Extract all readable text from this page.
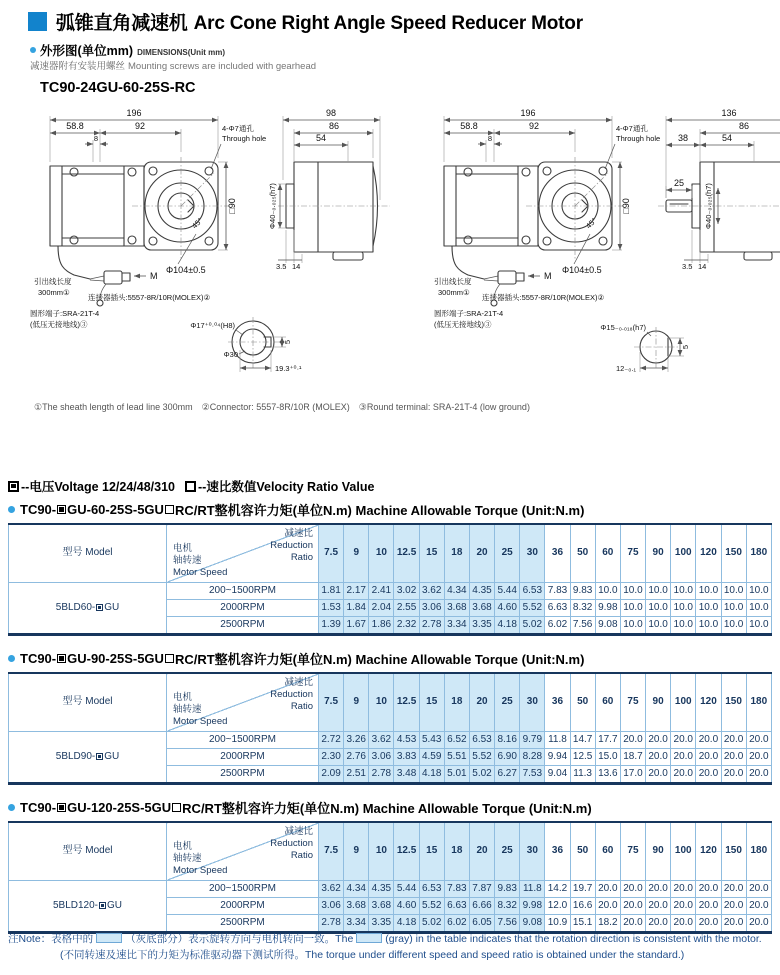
弧锥直角减速机 Arc Cone Right Angle Speed Reducer Motor
外形图(单位mm) DIMENSIONS(Unit mm)
减速器附有安装用螺丝 Mounting screws are included with gearhead
TC90-24GU-60-25S-RC
196
58.8	92
8
□90
4-Φ7通孔
Through hole
Φ104±0.5
45°
M
引出线长度
300mm①
连接器插头:5557-8R/10R(MOLEX)②
圆形端子:SRA-21T-4
(低压无接地线)③
98
86
54
Φ40₋₀.₀₂₅(h7)
3.5 14
Φ17⁺⁰·⁰⁴(H8)
Φ30
19.3⁺⁰·¹
5
196
58.8	92
8
□90
4-Φ7通孔
Through hole
Φ104±0.5
45°
M
引出线长度
300mm①
连接器插头:5557-8R/10R(MOLEX)②
圆形端子:SRA-21T-4
(低压无接地线)③
136
86
38	54
25
Φ40₋₀.₀₂₅(h7)
3.5 14
Φ15₋₀.₀₁₈(h7)
12₋₀.₁
5
①The sheath length of lead line 300mm　②Connector: 5557-8R/10R (MOLEX)　③Round terminal: SRA-21T-4 (low ground)
--电压Voltage 12/24/48/310 --速比数值Velocity Ratio Value
TC90- GU-60-25S-5GU RC/RT整机容许力矩(单位N.m) Machine Allowable Torque (Unit:N.m)
型号 Model	
减速比
Reduction
Ratio
电机
轴转速
Motor Speed
	7.5	9	10	12.5	15	18	20	25	30	36	50	60	75	90	100	120	150	180
5BLD60- GU	200~1500RPM	1.81	2.17	2.41	3.02	3.62	4.34	4.35	5.44	6.53	7.83	9.83	10.0	10.0	10.0	10.0	10.0	10.0	10.0
	2000RPM	1.53	1.84	2.04	2.55	3.06	3.68	3.68	4.60	5.52	6.63	8.32	9.98	10.0	10.0	10.0	10.0	10.0	10.0
	2500RPM	1.39	1.67	1.86	2.32	2.78	3.34	3.35	4.18	5.02	6.02	7.56	9.08	10.0	10.0	10.0	10.0	10.0	10.0
TC90- GU-90-25S-5GU RC/RT整机容许力矩(单位N.m) Machine Allowable Torque (Unit:N.m)
型号 Model	
减速比
Reduction
Ratio
电机
轴转速
Motor Speed
	7.5	9	10	12.5	15	18	20	25	30	36	50	60	75	90	100	120	150	180
5BLD90- GU	200~1500RPM	2.72	3.26	3.62	4.53	5.43	6.52	6.53	8.16	9.79	11.8	14.7	17.7	20.0	20.0	20.0	20.0	20.0	20.0
	2000RPM	2.30	2.76	3.06	3.83	4.59	5.51	5.52	6.90	8.28	9.94	12.5	15.0	18.7	20.0	20.0	20.0	20.0	20.0
	2500RPM	2.09	2.51	2.78	3.48	4.18	5.01	5.02	6.27	7.53	9.04	11.3	13.6	17.0	20.0	20.0	20.0	20.0	20.0
TC90- GU-120-25S-5GU RC/RT整机容许力矩(单位N.m) Machine Allowable Torque (Unit:N.m)
型号 Model	
减速比
Reduction
Ratio
电机
轴转速
Motor Speed
	7.5	9	10	12.5	15	18	20	25	30	36	50	60	75	90	100	120	150	180
5BLD120- GU	200~1500RPM	3.62	4.34	4.35	5.44	6.53	7.83	7.87	9.83	11.8	14.2	19.7	20.0	20.0	20.0	20.0	20.0	20.0	20.0
	2000RPM	3.06	3.68	3.68	4.60	5.52	6.63	6.66	8.32	9.98	12.0	16.6	20.0	20.0	20.0	20.0	20.0	20.0	20.0
	2500RPM	2.78	3.34	3.35	4.18	5.02	6.02	6.05	7.56	9.08	10.9	15.1	18.2	20.0	20.0	20.0	20.0	20.0	20.0
注Note：表格中的	（灰底部分）表示旋转方向与电机转向一致。The	(gray) in the table indicates that the rotation direction is consistent with the motor.
(不同转速及速比下的力矩为标准驱动器下测试所得。The torque under different speed and speed ratio is obtained under the standard.)
